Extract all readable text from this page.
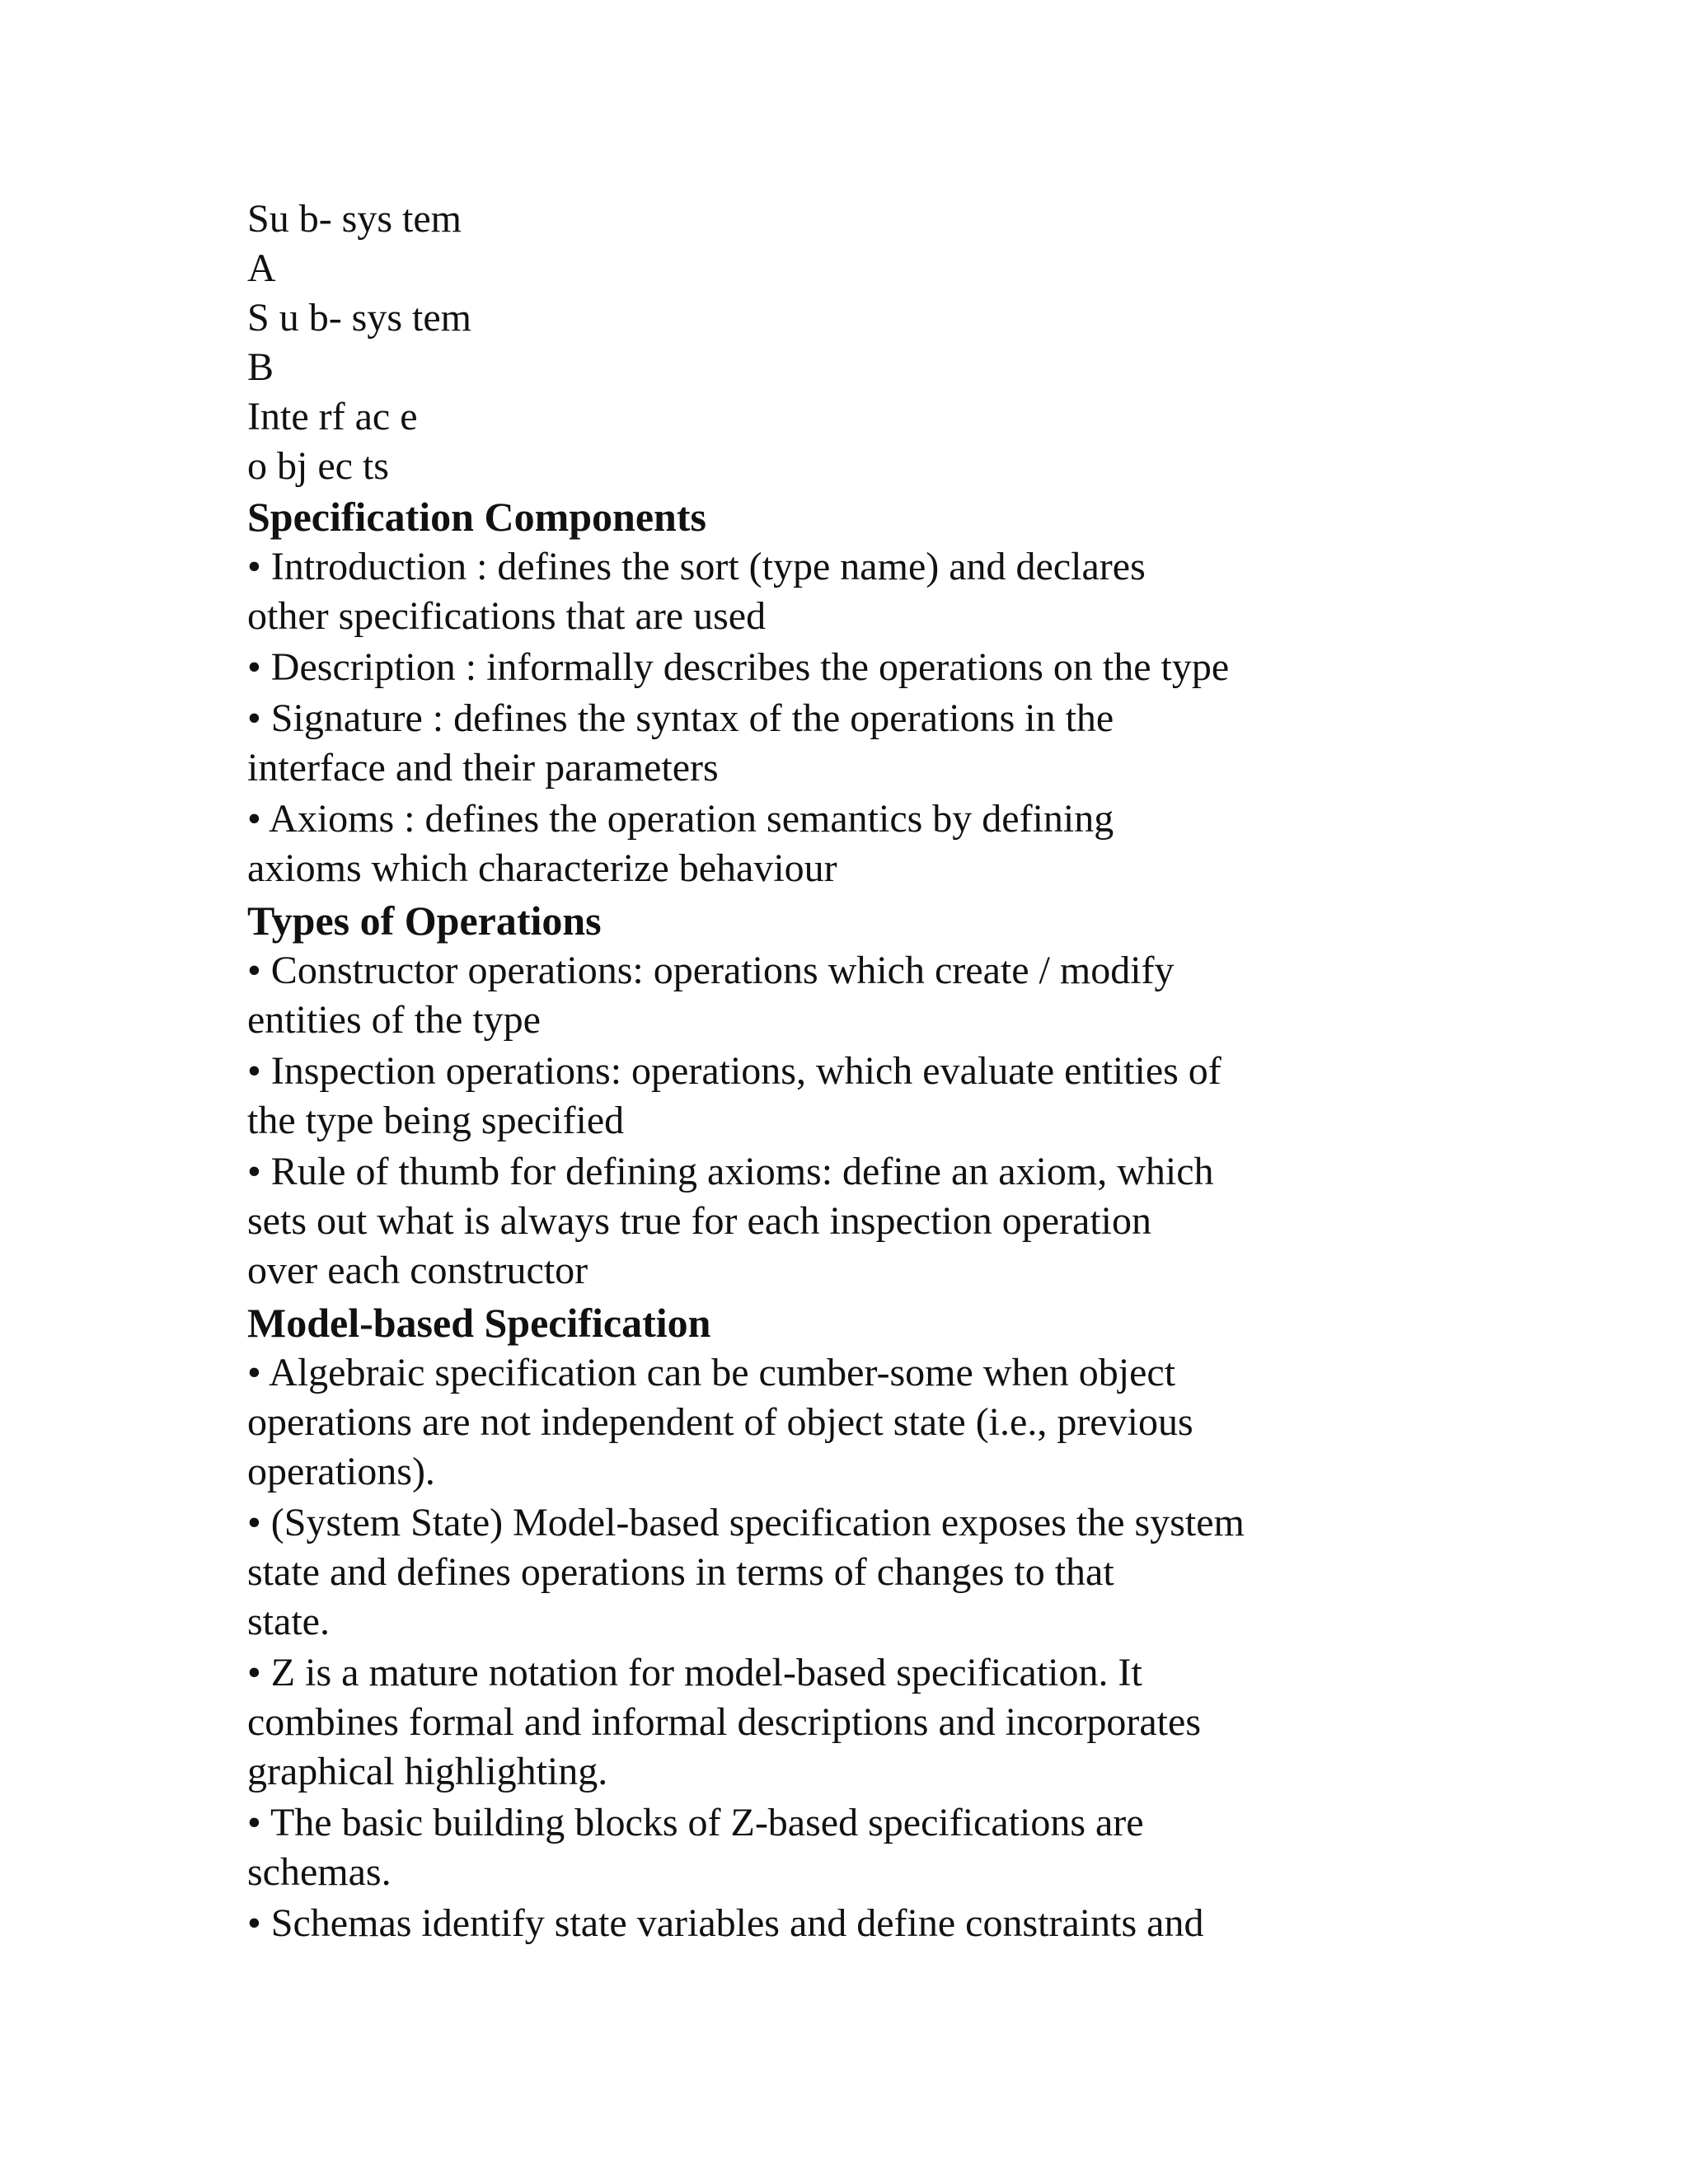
Su b- sys tem
A
S u b- sys tem
B
Inte rf ac e
o bj ec ts
Specification Components
• Introduction : defines the sort (type name) and declares
other specifications that are used
• Description : informally describes the operations on the type
• Signature : defines the syntax of the operations in the
interface and their parameters
• Axioms : defines the operation semantics by defining
axioms which characterize behaviour
Types of Operations
• Constructor operations: operations which create / modify
entities of the type
• Inspection operations: operations, which evaluate entities of
the type being specified
• Rule of thumb for defining axioms: define an axiom, which
sets out what is always true for each inspection operation
over each constructor
Model-based Specification
• Algebraic specification can be cumber-some when object
operations are not independent of object state (i.e., previous
operations).
• (System State) Model-based specification exposes the system
state and defines operations in terms of changes to that
state.
• Z is a mature notation for model-based specification. It
combines formal and informal descriptions and incorporates
graphical highlighting.
• The basic building blocks of Z-based specifications are
schemas.
• Schemas identify state variables and define constraints and
